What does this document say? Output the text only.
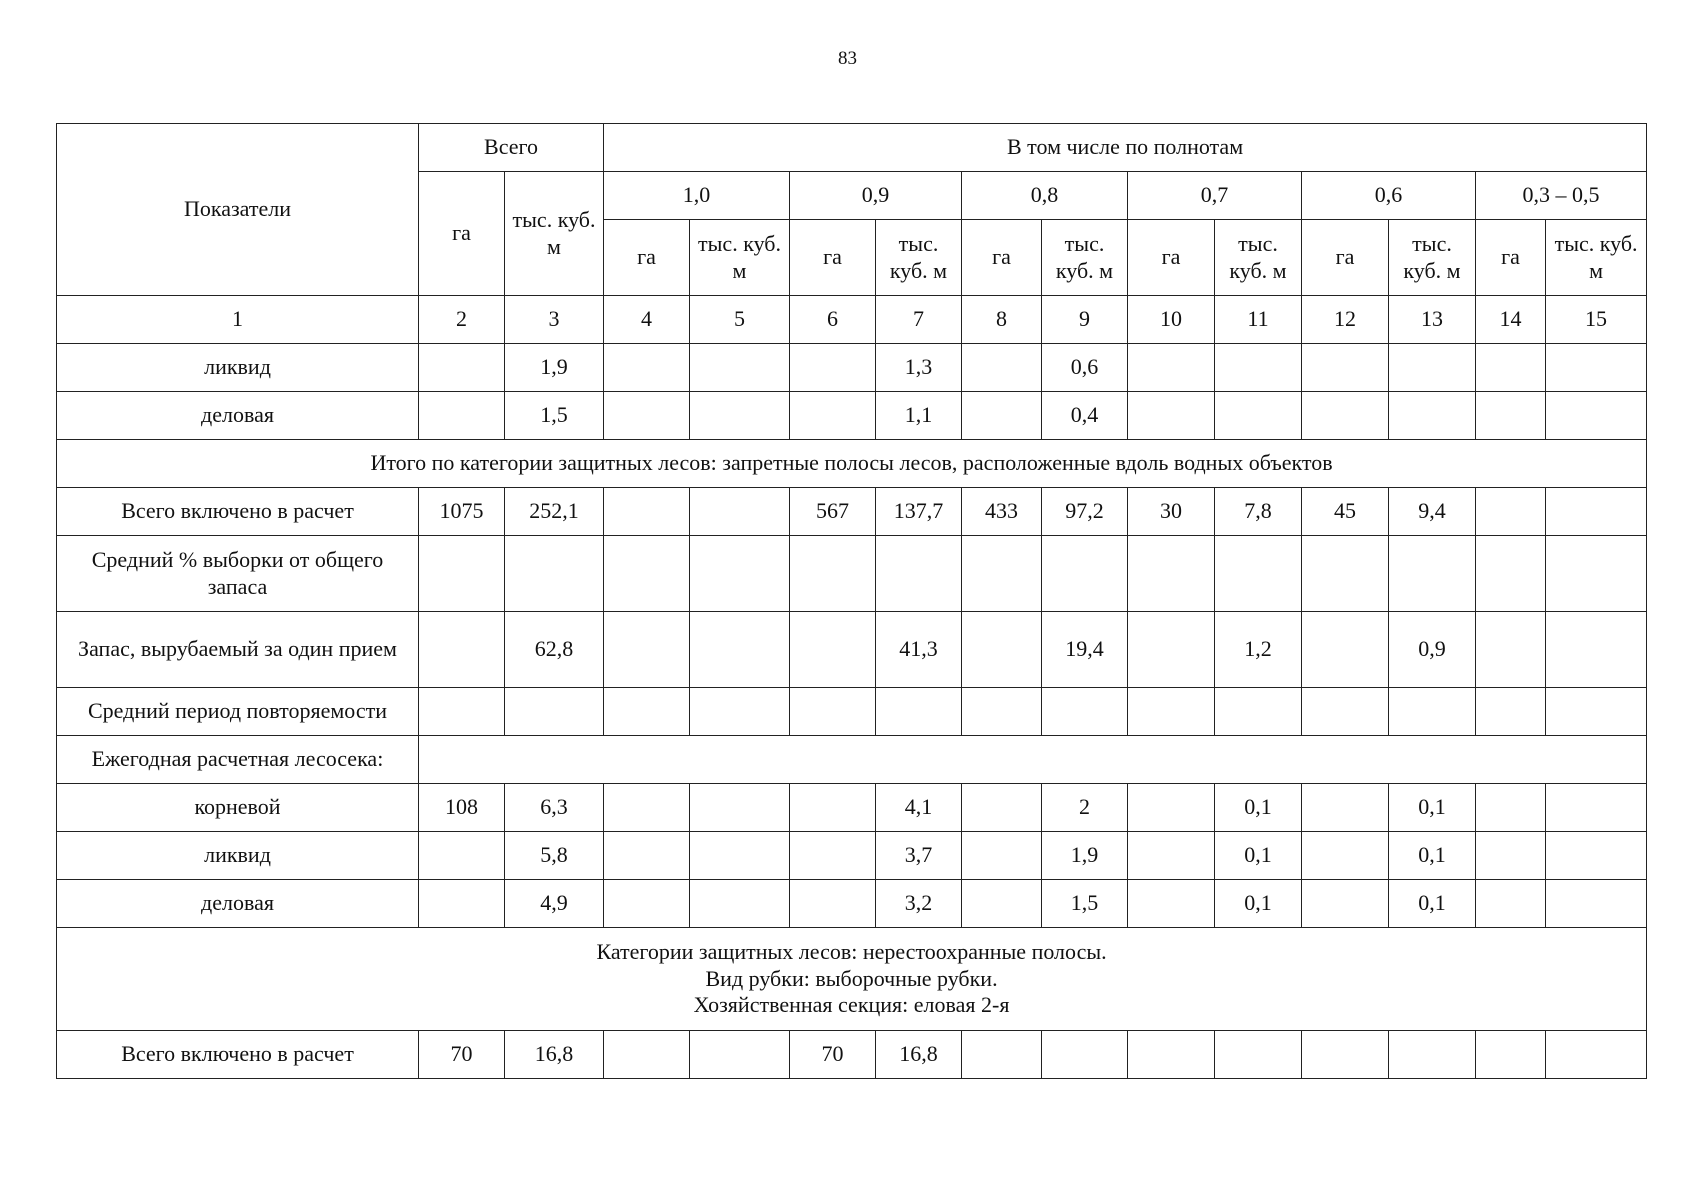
83
Показатели	Всего		В том числе по полнотам											
	га	тыс. куб. м	1,0		0,9		0,8		0,7		0,6		0,3 – 0,5	
			га	тыс. куб. м	га	тыс. куб. м	га	тыс. куб. м	га	тыс. куб. м	га	тыс. куб. м	га	тыс. куб. м
1	2	3	4	5	6	7	8	9	10	11	12	13	14	15
ликвид		1,9				1,3		0,6						
деловая		1,5				1,1		0,4						
Итого по категории защитных лесов: запретные полосы лесов, расположенные вдоль водных объектов														
Всего включено в расчет	1075	252,1			567	137,7	433	97,2	30	7,8	45	9,4		
Средний % выборки от общего запаса														
Запас, вырубаемый за один прием		62,8				41,3		19,4		1,2		0,9		
Средний период повторяемости														
Ежегодная расчетная лесосека:														
корневой	108	6,3				4,1		2		0,1		0,1		
ликвид		5,8				3,7		1,9		0,1		0,1		
деловая		4,9				3,2		1,5		0,1		0,1		

Категории защитных лесов: нерестоохранные полосы.
Вид рубки: выборочные рубки.
Хозяйственная секция: еловая 2-я														

Всего включено в расчет	70	16,8			70	16,8								
